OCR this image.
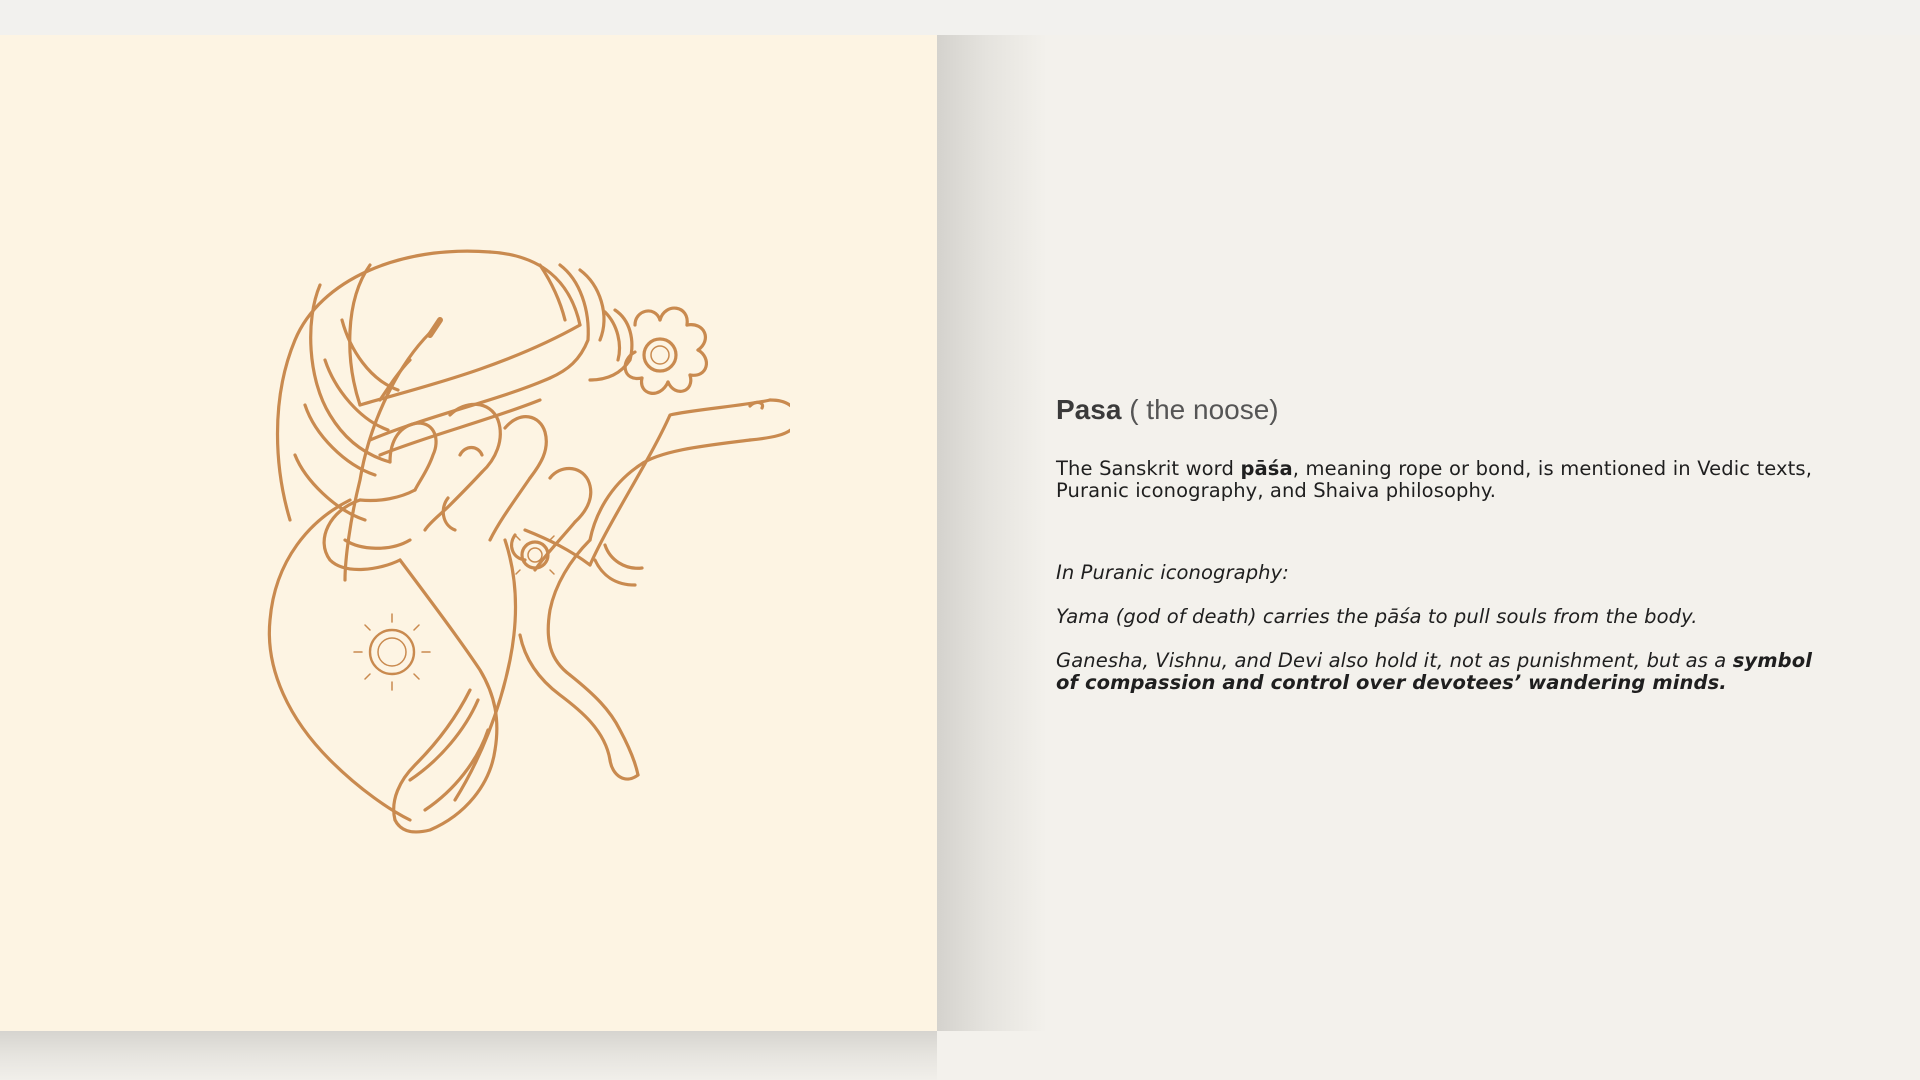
Pasa ( the noose)

The Sanskrit word pāśa, meaning rope or bond, is mentioned in Vedic texts, Puranic iconography, and Shaiva philosophy.

In Puranic iconography:

Yama (god of death) carries the pāśa to pull souls from the body.

Ganesha, Vishnu, and Devi also hold it, not as punishment, but as a symbol of compassion and control over devotees’ wandering minds.
